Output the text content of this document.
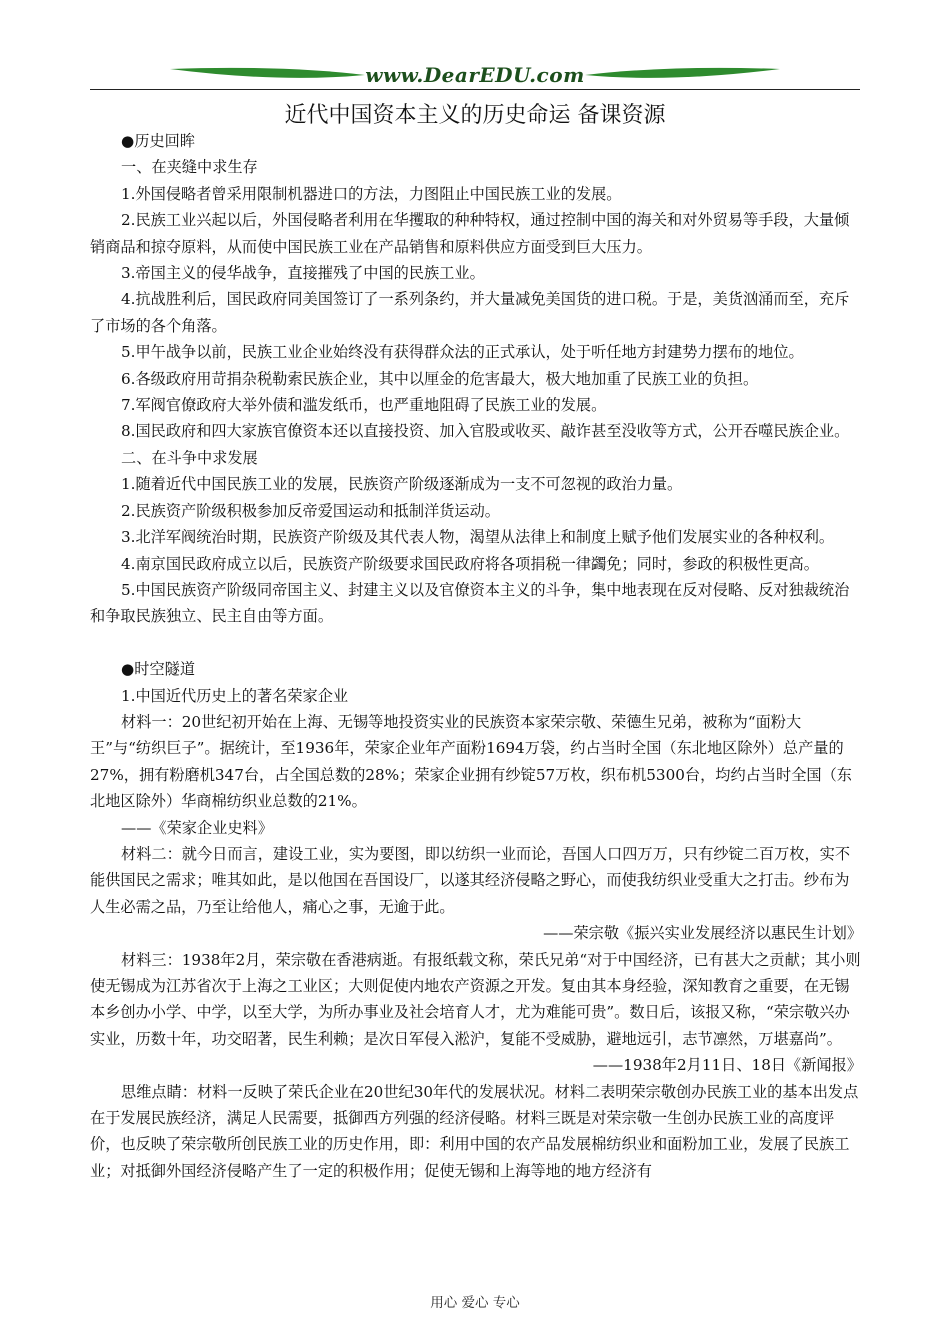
www.DearEDU.com
近代中国资本主义的历史命运 备课资源

●历史回眸

一、在夹缝中求生存

1.外国侵略者曾采用限制机器进口的方法，力图阻止中国民族工业的发展。

2.民族工业兴起以后，外国侵略者利用在华攫取的种种特权，通过控制中国的海关和对外贸易等手段，大量倾销商品和掠夺原料，从而使中国民族工业在产品销售和原料供应方面受到巨大压力。

3.帝国主义的侵华战争，直接摧残了中国的民族工业。

4.抗战胜利后，国民政府同美国签订了一系列条约，并大量减免美国货的进口税。于是，美货汹涌而至，充斥了市场的各个角落。

5.甲午战争以前，民族工业企业始终没有获得群众法的正式承认，处于听任地方封建势力摆布的地位。

6.各级政府用苛捐杂税勒索民族企业，其中以厘金的危害最大，极大地加重了民族工业的负担。

7.军阀官僚政府大举外债和滥发纸币，也严重地阻碍了民族工业的发展。

8.国民政府和四大家族官僚资本还以直接投资、加入官股或收买、敲诈甚至没收等方式，公开吞噬民族企业。

二、在斗争中求发展

1.随着近代中国民族工业的发展，民族资产阶级逐渐成为一支不可忽视的政治力量。

2.民族资产阶级积极参加反帝爱国运动和抵制洋货运动。

3.北洋军阀统治时期，民族资产阶级及其代表人物，渴望从法律上和制度上赋予他们发展实业的各种权利。

4.南京国民政府成立以后，民族资产阶级要求国民政府将各项捐税一律蠲免；同时，参政的积极性更高。

5.中国民族资产阶级同帝国主义、封建主义以及官僚资本主义的斗争，集中地表现在反对侵略、反对独裁统治和争取民族独立、民主自由等方面。

●时空隧道

1.中国近代历史上的著名荣家企业

材料一：20世纪初开始在上海、无锡等地投资实业的民族资本家荣宗敬、荣德生兄弟，被称为“面粉大王”与“纺织巨子”。据统计，至1936年，荣家企业年产面粉1694万袋，约占当时全国（东北地区除外）总产量的27%，拥有粉磨机347台，占全国总数的28%；荣家企业拥有纱锭57万枚，织布机5300台，均约占当时全国（东北地区除外）华商棉纺织业总数的21%。

——《荣家企业史料》

材料二：就今日而言，建设工业，实为要图，即以纺织一业而论，吾国人口四万万，只有纱锭二百万枚，实不能供国民之需求；唯其如此，是以他国在吾国设厂，以遂其经济侵略之野心，而使我纺织业受重大之打击。纱布为人生必需之品，乃至让给他人，痛心之事，无逾于此。

——荣宗敬《振兴实业发展经济以惠民生计划》

材料三：1938年2月，荣宗敬在香港病逝。有报纸载文称，荣氏兄弟“对于中国经济，已有甚大之贡献；其小则使无锡成为江苏省次于上海之工业区；大则促使内地农产资源之开发。复由其本身经验，深知教育之重要，在无锡本乡创办小学、中学，以至大学，为所办事业及社会培育人才，尤为难能可贵”。数日后，该报又称，“荣宗敬兴办实业，历数十年，功交昭著，民生利赖；是次日军侵入淞沪，复能不受威胁，避地远引，志节凛然，万堪嘉尚”。

——1938年2月11日、18日《新闻报》

思维点睛：材料一反映了荣氏企业在20世纪30年代的发展状况。材料二表明荣宗敬创办民族工业的基本出发点在于发展民族经济，满足人民需要，抵御西方列强的经济侵略。材料三既是对荣宗敬一生创办民族工业的高度评价，也反映了荣宗敬所创民族工业的历史作用，即：利用中国的农产品发展棉纺织业和面粉加工业，发展了民族工业；对抵御外国经济侵略产生了一定的积极作用；促使无锡和上海等地的地方经济有

用心 爱心 专心
